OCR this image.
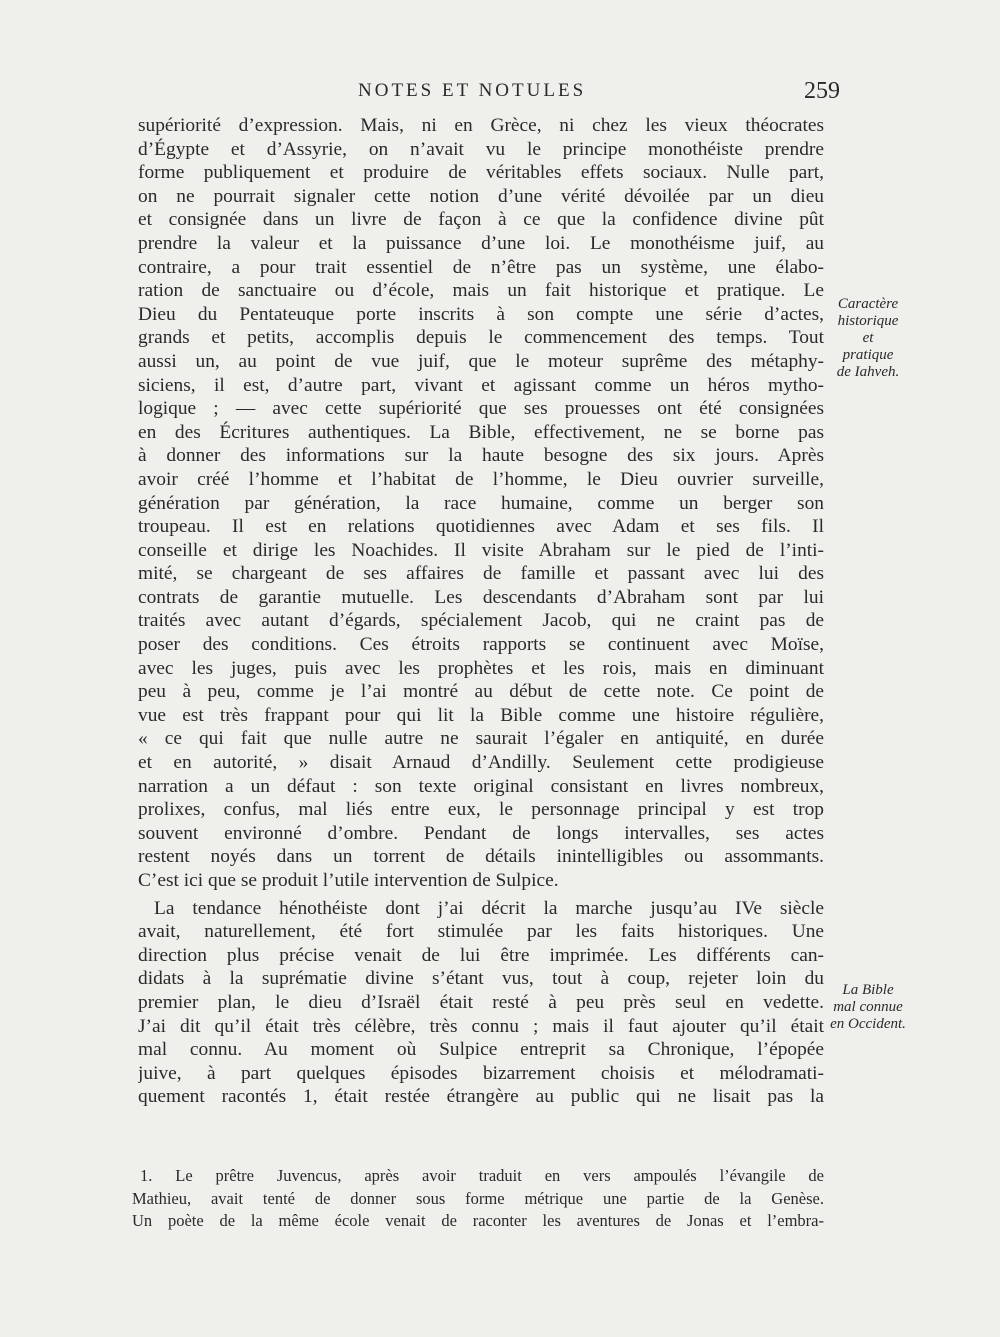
NOTES ET NOTULES	259
supériorité d’expression. Mais, ni en Grèce, ni chez les vieux théocrates
d’Égypte et d’Assyrie, on n’avait vu le principe monothéiste prendre
forme publiquement et produire de véritables effets sociaux. Nulle part,
on ne pourrait signaler cette notion d’une vérité dévoilée par un dieu
et consignée dans un livre de façon à ce que la confidence divine pût
prendre la valeur et la puissance d’une loi. Le monothéisme juif, au
contraire, a pour trait essentiel de n’être pas un système, une élabo-
ration de sanctuaire ou d’école, mais un fait historique et pratique. Le
Dieu du Pentateuque porte inscrits à son compte une série d’actes,
grands et petits, accomplis depuis le commencement des temps. Tout
aussi un, au point de vue juif, que le moteur suprême des métaphy-
siciens, il est, d’autre part, vivant et agissant comme un héros mytho-
logique ; — avec cette supériorité que ses prouesses ont été consignées
en des Écritures authentiques. La Bible, effectivement, ne se borne pas
à donner des informations sur la haute besogne des six jours. Après
avoir créé l’homme et l’habitat de l’homme, le Dieu ouvrier surveille,
génération par génération, la race humaine, comme un berger son
troupeau. Il est en relations quotidiennes avec Adam et ses fils. Il
conseille et dirige les Noachides. Il visite Abraham sur le pied de l’inti-
mité, se chargeant de ses affaires de famille et passant avec lui des
contrats de garantie mutuelle. Les descendants d’Abraham sont par lui
traités avec autant d’égards, spécialement Jacob, qui ne craint pas de
poser des conditions. Ces étroits rapports se continuent avec Moïse,
avec les juges, puis avec les prophètes et les rois, mais en diminuant
peu à peu, comme je l’ai montré au début de cette note. Ce point de
vue est très frappant pour qui lit la Bible comme une histoire régulière,
« ce qui fait que nulle autre ne saurait l’égaler en antiquité, en durée
et en autorité, » disait Arnaud d’Andilly. Seulement cette prodigieuse
narration a un défaut : son texte original consistant en livres nombreux,
prolixes, confus, mal liés entre eux, le personnage principal y est trop
souvent environné d’ombre. Pendant de longs intervalles, ses actes
restent noyés dans un torrent de détails inintelligibles ou assommants.
C’est ici que se produit l’utile intervention de Sulpice.
La tendance hénothéiste dont j’ai décrit la marche jusqu’au IVe siècle
avait, naturellement, été fort stimulée par les faits historiques. Une
direction plus précise venait de lui être imprimée. Les différents can-
didats à la suprématie divine s’étant vus, tout à coup, rejeter loin du
premier plan, le dieu d’Israël était resté à peu près seul en vedette.
J’ai dit qu’il était très célèbre, très connu ; mais il faut ajouter qu’il était
mal connu. Au moment où Sulpice entreprit sa Chronique, l’épopée
juive, à part quelques épisodes bizarrement choisis et mélodramati-
quement racontés 1, était restée étrangère au public qui ne lisait pas la
Caractère
historique
et
pratique
de Iahveh.
La Bible
mal connue
en Occident.
1. Le prêtre Juvencus, après avoir traduit en vers ampoulés l’évangile de
Mathieu, avait tenté de donner sous forme métrique une partie de la Genèse.
Un poète de la même école venait de raconter les aventures de Jonas et l’embra-
